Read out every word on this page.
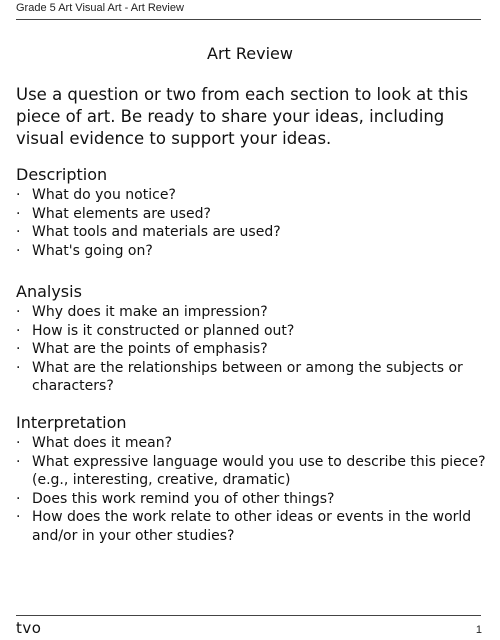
Grade 5 Art Visual Art - Art Review
Art Review
Use a question or two from each section to look at this piece of art. Be ready to share your ideas, including visual evidence to support your ideas.
Description
· What do you notice?
· What elements are used?
· What tools and materials are used?
· What's going on?
Analysis
· Why does it make an impression?
· How is it constructed or planned out?
· What are the points of emphasis?
· What are the relationships between or among the subjects or characters?
Interpretation
· What does it mean?
· What expressive language would you use to describe this piece? (e.g., interesting, creative, dramatic)
· Does this work remind you of other things?
· How does the work relate to other ideas or events in the world and/or in your other studies?
tvo	1
